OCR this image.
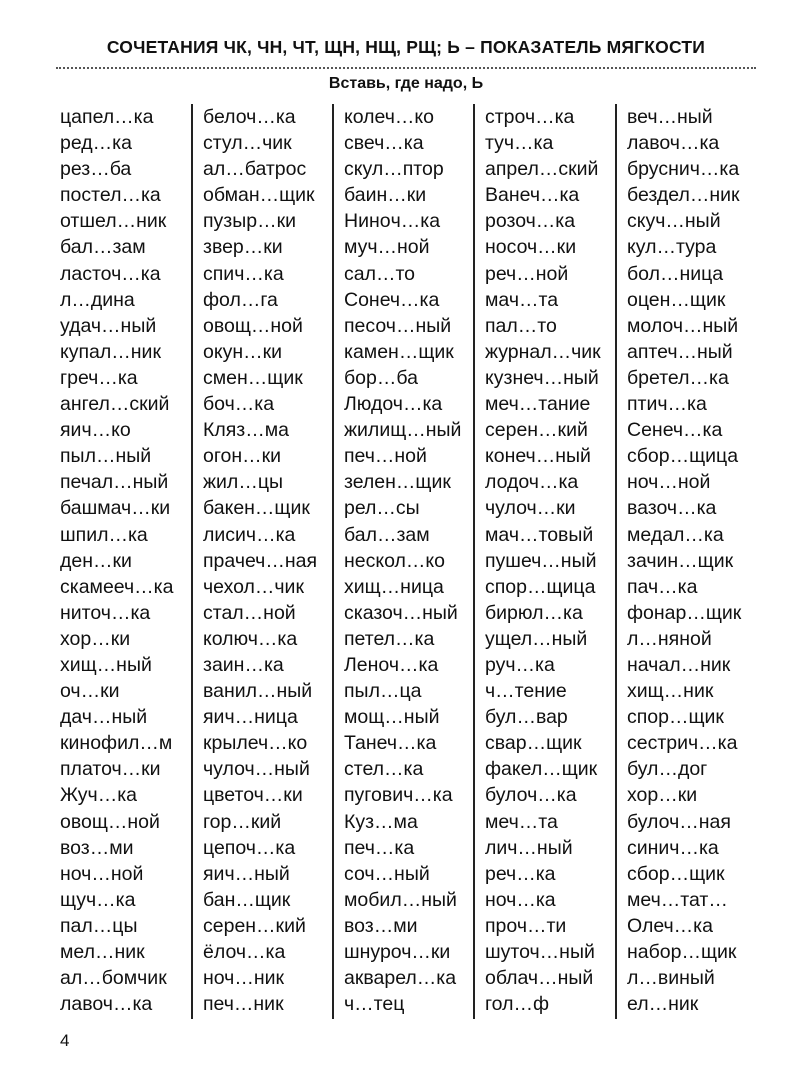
СОЧЕТАНИЯ ЧК, ЧН, ЧТ, ЩН, НЩ, РЩ; Ь – ПОКАЗАТЕЛЬ МЯГКОСТИ
Вставь, где надо, Ь
цапел…ка
ред…ка
рез…ба
постел…ка
отшел…ник
бал…зам
ласточ…ка
л…дина
удач…ный
купал…ник
греч…ка
ангел…ский
яич…ко
пыл…ный
печал…ный
башмач…ки
шпил…ка
ден…ки
скамееч…ка
ниточ…ка
хор…ки
хищ…ный
оч…ки
дач…ный
кинофил…м
платоч…ки
Жуч…ка
овощ…ной
воз…ми
ноч…ной
щуч…ка
пал…цы
мел…ник
ал…бомчик
лавоч…ка
белоч…ка
стул…чик
ал…батрос
обман…щик
пузыр…ки
звер…ки
спич…ка
фол…га
овощ…ной
окун…ки
смен…щик
боч…ка
Кляз…ма
огон…ки
жил…цы
бакен…щик
лисич…ка
прачеч…ная
чехол…чик
стал…ной
колюч…ка
заин…ка
ванил…ный
яич…ница
крылеч…ко
чулоч…ный
цветоч…ки
гор…кий
цепоч…ка
яич…ный
бан…щик
серен…кий
ёлоч…ка
ноч…ник
печ…ник
колеч…ко
свеч…ка
скул…птор
баин…ки
Нинoч…ка
муч…ной
сал…то
Сонеч…ка
песоч…ный
камен…щик
бор…ба
Людоч…ка
жилищ…ный
печ…ной
зелен…щик
рел…сы
бал…зам
нескол…ко
хищ…ница
сказоч…ный
петел…ка
Леноч…ка
пыл…ца
мощ…ный
Танеч…ка
стел…ка
пугович…ка
Куз…ма
печ…ка
соч…ный
мобил…ный
воз…ми
шнуроч…ки
акварел…ка
ч…тец
строч…ка
туч…ка
апрел…ский
Ванеч…ка
розоч…ка
носоч…ки
реч…ной
мач…та
пал…то
журнал…чик
кузнеч…ный
меч…тание
серен…кий
конеч…ный
лодоч…ка
чулоч…ки
мач…товый
пушеч…ный
спор…щица
бирюл…ка
ущел…ный
руч…ка
ч…тение
бул…вар
свар…щик
факел…щик
булоч…ка
меч…та
лич…ный
реч…ка
ноч…ка
проч…ти
шуточ…ный
облач…ный
гол…ф
веч…ный
лавоч…ка
бруснич…ка
бездел…ник
скуч…ный
кул…тура
бол…ница
оцен…щик
молоч…ный
аптеч…ный
бретел…ка
птич…ка
Сенеч…ка
сбор…щица
ноч…ной
вазоч…ка
медал…ка
зачин…щик
пач…ка
фонар…щик
л…няной
начал…ник
хищ…ник
спор…щик
сестрич…ка
бул…дог
хор…ки
булоч…ная
синич…ка
сбор…щик
меч…тат…
Олеч…ка
набор…щик
л…виный
ел…ник
4
